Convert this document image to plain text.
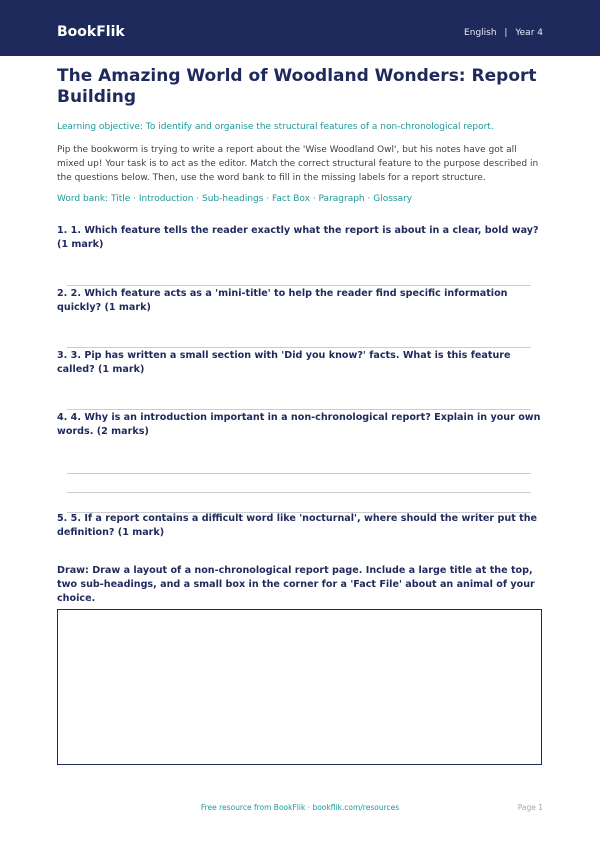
BookFlik	English | Year 4
The Amazing World of Woodland Wonders: Report Building
Learning objective: To identify and organise the structural features of a non-chronological report.
Pip the bookworm is trying to write a report about the 'Wise Woodland Owl', but his notes have got all mixed up! Your task is to act as the editor. Match the correct structural feature to the purpose described in the questions below. Then, use the word bank to fill in the missing labels for a report structure.
Word bank: Title · Introduction · Sub-headings · Fact Box · Paragraph · Glossary
1. 1. Which feature tells the reader exactly what the report is about in a clear, bold way? (1 mark)
2. 2. Which feature acts as a 'mini-title' to help the reader find specific information quickly? (1 mark)
3. 3. Pip has written a small section with 'Did you know?' facts. What is this feature called? (1 mark)
4. 4. Why is an introduction important in a non-chronological report? Explain in your own words. (2 marks)
5. 5. If a report contains a difficult word like 'nocturnal', where should the writer put the definition? (1 mark)
Draw: Draw a layout of a non-chronological report page. Include a large title at the top, two sub-headings, and a small box in the corner for a 'Fact File' about an animal of your choice.
Free resource from BookFlik · bookflik.com/resources	Page 1
